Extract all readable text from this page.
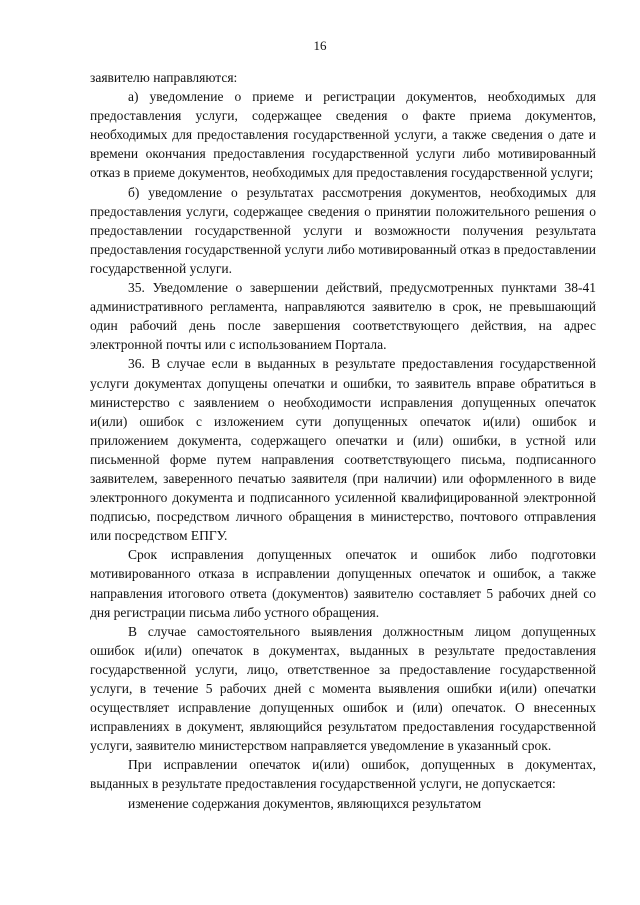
16

заявителю направляются:

а) уведомление о приеме и регистрации документов, необходимых для предоставления услуги, содержащее сведения о факте приема документов, необходимых для предоставления государственной услуги, а также сведения о дате и времени окончания предоставления государственной услуги либо мотивированный отказ в приеме документов, необходимых для предоставления государственной услуги;

б) уведомление о результатах рассмотрения документов, необходимых для предоставления услуги, содержащее сведения о принятии положительного решения о предоставлении государственной услуги и возможности получения результата предоставления государственной услуги либо мотивированный отказ в предоставлении государственной услуги.

35. Уведомление о завершении действий, предусмотренных пунктами 38-41 административного регламента, направляются заявителю в срок, не превышающий один рабочий день после завершения соответствующего действия, на адрес электронной почты или с использованием Портала.

36. В случае если в выданных в результате предоставления государственной услуги документах допущены опечатки и ошибки, то заявитель вправе обратиться в министерство с заявлением о необходимости исправления допущенных опечаток и(или) ошибок с изложением сути допущенных опечаток и(или) ошибок и приложением документа, содержащего опечатки и (или) ошибки, в устной или письменной форме путем направления соответствующего письма, подписанного заявителем, заверенного печатью заявителя (при наличии) или оформленного в виде электронного документа и подписанного усиленной квалифицированной электронной подписью, посредством личного обращения в министерство, почтового отправления или посредством ЕПГУ.

Срок исправления допущенных опечаток и ошибок либо подготовки мотивированного отказа в исправлении допущенных опечаток и ошибок, а также направления итогового ответа (документов) заявителю составляет 5 рабочих дней со дня регистрации письма либо устного обращения.

В случае самостоятельного выявления должностным лицом допущенных ошибок и(или) опечаток в документах, выданных в результате предоставления государственной услуги, лицо, ответственное за предоставление государственной услуги, в течение 5 рабочих дней с момента выявления ошибки и(или) опечатки осуществляет исправление допущенных ошибок и (или) опечаток. О внесенных исправлениях в документ, являющийся результатом предоставления государственной услуги, заявителю министерством направляется уведомление в указанный срок.

При исправлении опечаток и(или) ошибок, допущенных в документах, выданных в результате предоставления государственной услуги, не допускается:

изменение содержания документов, являющихся результатом
